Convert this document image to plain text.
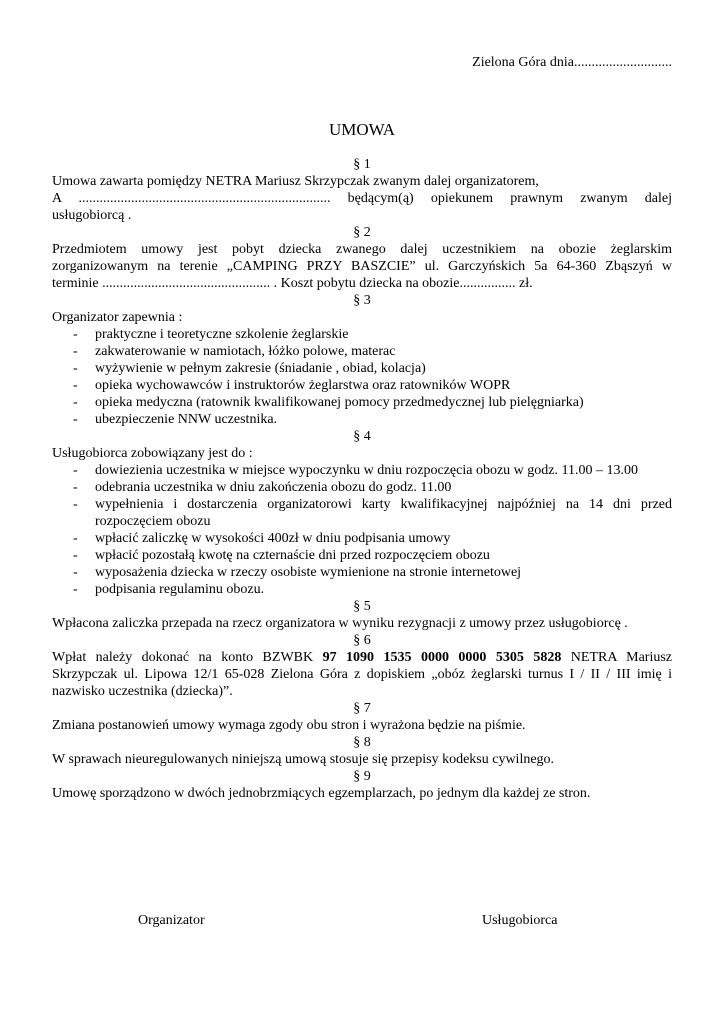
Zielona Góra dnia............................
UMOWA

§ 1

Umowa zawarta pomiędzy NETRA Mariusz Skrzypczak zwanym dalej organizatorem,

A ........................................................................ będącym(ą) opiekunem prawnym zwanym dalej

usługobiorcą .

§ 2

Przedmiotem umowy jest pobyt dziecka zwanego dalej uczestnikiem na obozie żeglarskim

zorganizowanym na terenie „CAMPING PRZY BASZCIE” ul. Garczyńskich 5a 64-360 Zbąszyń w

terminie ................................................ . Koszt pobytu dziecka na obozie................ zł.

§ 3

Organizator zapewnia :

- praktyczne i teoretyczne szkolenie żeglarskie
- zakwaterowanie w namiotach, łóżko polowe, materac
- wyżywienie w pełnym zakresie (śniadanie , obiad, kolacja)
- opieka wychowawców i instruktorów żeglarstwa oraz ratowników WOPR
- opieka medyczna (ratownik kwalifikowanej pomocy przedmedycznej lub pielęgniarka)
- ubezpieczenie NNW uczestnika.

§ 4

Usługobiorca zobowiązany jest do :

- dowiezienia uczestnika w miejsce wypoczynku w dniu rozpoczęcia obozu w godz. 11.00 – 13.00
- odebrania uczestnika w dniu zakończenia obozu do godz. 11.00
- wypełnienia i dostarczenia organizatorowi karty kwalifikacyjnej najpóźniej na 14 dni przed rozpoczęciem obozu
- wpłacić zaliczkę w wysokości 400zł w dniu podpisania umowy
- wpłacić pozostałą kwotę na czternaście dni przed rozpoczęciem obozu
- wyposażenia dziecka w rzeczy osobiste wymienione na stronie internetowej
- podpisania regulaminu obozu.

§ 5

Wpłacona zaliczka przepada na rzecz organizatora w wyniku rezygnacji z umowy przez usługobiorcę .

§ 6

Wpłat należy dokonać na konto BZWBK 97 1090 1535 0000 0000 5305 5828 NETRA Mariusz

Skrzypczak ul. Lipowa 12/1 65-028 Zielona Góra z dopiskiem „obóz żeglarski turnus I / II / III imię i

nazwisko uczestnika (dziecka)”.

§ 7

Zmiana postanowień umowy wymaga zgody obu stron i wyrażona będzie na piśmie.

§ 8

W sprawach nieuregulowanych niniejszą umową stosuje się przepisy kodeksu cywilnego.

§ 9

Umowę sporządzono w dwóch jednobrzmiących egzemplarzach, po jednym dla każdej ze stron.

Organizator	Usługobiorca
